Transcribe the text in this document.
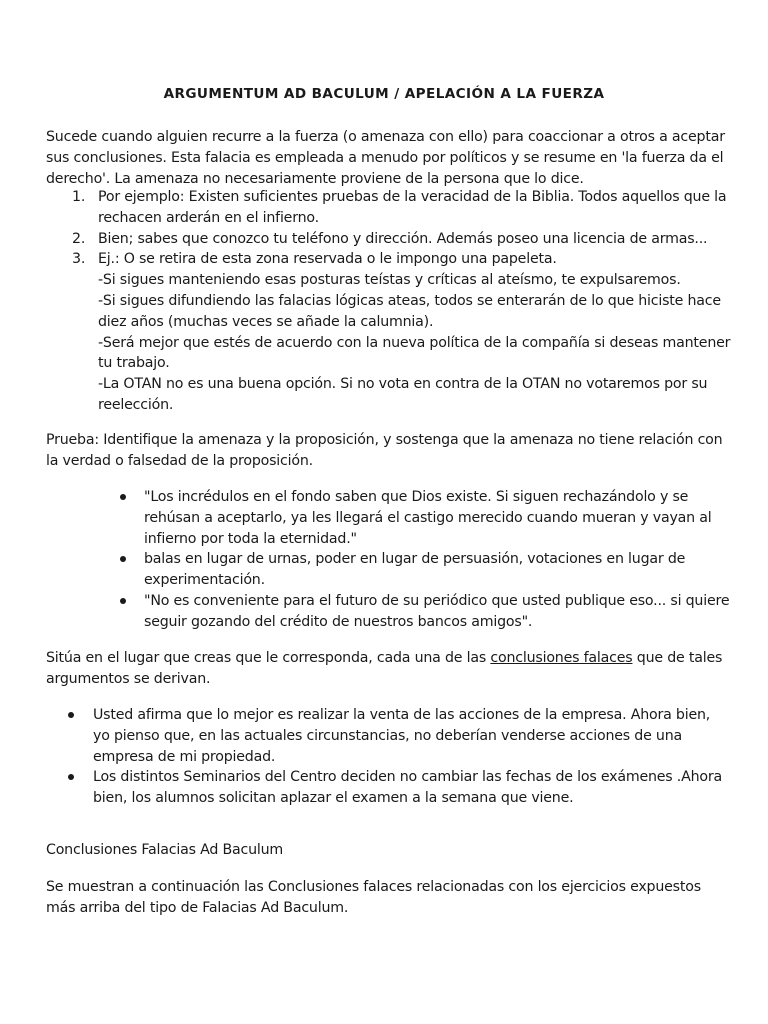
ARGUMENTUM AD BACULUM / APELACIÓN A LA FUERZA

Sucede cuando alguien recurre a la fuerza (o amenaza con ello) para coaccionar a otros a aceptar sus conclusiones. Esta falacia es empleada a menudo por políticos y se resume en 'la fuerza da el derecho'. La amenaza no necesariamente proviene de la persona que lo dice.

1. Por ejemplo: Existen suficientes pruebas de la veracidad de la Biblia. Todos aquellos que la rechacen arderán en el infierno.
2. Bien; sabes que conozco tu teléfono y dirección. Además poseo una licencia de armas...
3. Ej.: O se retira de esta zona reservada o le impongo una papeleta.
-Si sigues manteniendo esas posturas teístas y críticas al ateísmo, te expulsaremos.
-Si sigues difundiendo las falacias lógicas ateas, todos se enterarán de lo que hiciste hace diez años (muchas veces se añade la calumnia).
-Será mejor que estés de acuerdo con la nueva política de la compañía si deseas mantener tu trabajo.
-La OTAN no es una buena opción. Si no vota en contra de la OTAN no votaremos por su reelección.

Prueba: Identifique la amenaza y la proposición, y sostenga que la amenaza no tiene relación con la verdad o falsedad de la proposición.

"Los incrédulos en el fondo saben que Dios existe. Si siguen rechazándolo y se rehúsan a aceptarlo, ya les llegará el castigo merecido cuando mueran y vayan al infierno por toda la eternidad."
balas en lugar de urnas, poder en lugar de persuasión, votaciones en lugar de experimentación.
"No es conveniente para el futuro de su periódico que usted publique eso... si quiere seguir gozando del crédito de nuestros bancos amigos".

Sitúa en el lugar que creas que le corresponda, cada una de las conclusiones falaces que de tales argumentos se derivan.

Usted afirma que lo mejor es realizar la venta de las acciones de la empresa. Ahora bien, yo pienso que, en las actuales circunstancias, no deberían venderse acciones de una empresa de mi propiedad.
Los distintos Seminarios del Centro deciden no cambiar las fechas de los exámenes .Ahora bien, los alumnos solicitan aplazar el examen a la semana que viene.

Conclusiones Falacias Ad Baculum

Se muestran a continuación las Conclusiones falaces relacionadas con los ejercicios expuestos más arriba del tipo de Falacias Ad Baculum.
